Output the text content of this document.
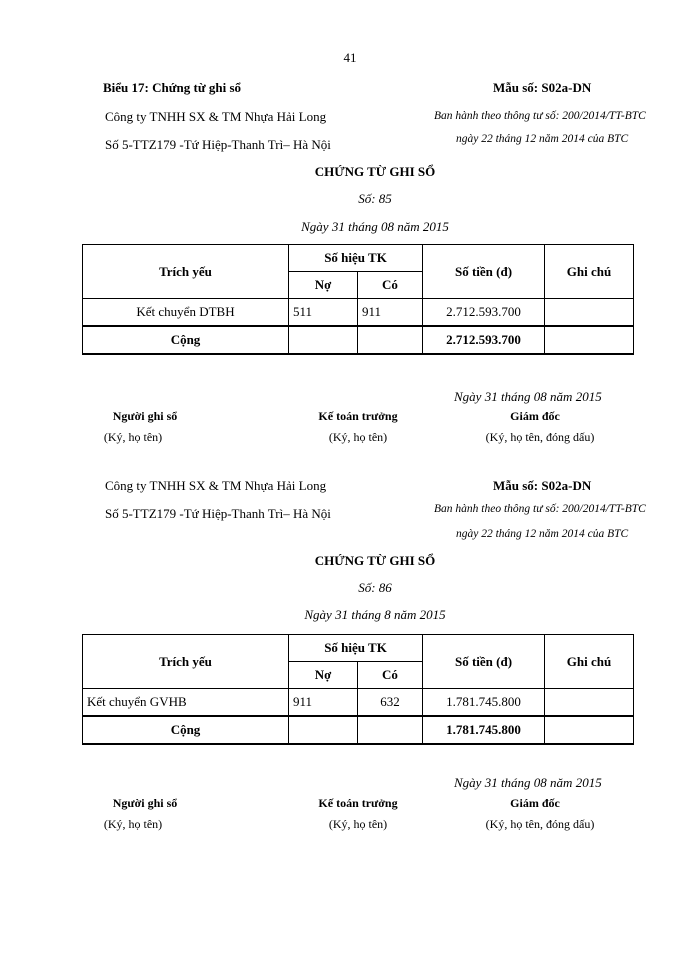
41
Biểu 17: Chứng từ ghi sổ	Mẫu số: S02a-DN
Công ty TNHH SX & TM Nhựa Hải Long	Ban hành theo thông tư số: 200/2014/TT-BTC
Số 5-TTZ179 -Tứ Hiệp-Thanh Trì– Hà Nội	ngày 22 tháng 12 năm 2014 của BTC
CHỨNG TỪ GHI SỔ
Số: 85
Ngày 31 tháng 08 năm 2015
Trích yếu	Số hiệu TK		Số tiền (đ)	Ghi chú
	Nợ	Có		
Kết chuyển DTBH	511	911	2.712.593.700	
Cộng			2.712.593.700	
Ngày 31 tháng 08 năm 2015
Người ghi sổ	Kế toán trưởng	Giám đốc
(Ký, họ tên)	(Ký, họ tên)	(Ký, họ tên, đóng dấu)
Công ty TNHH SX & TM Nhựa Hải Long	Mẫu số: S02a-DN
Số 5-TTZ179 -Tứ Hiệp-Thanh Trì– Hà Nội	Ban hành theo thông tư số: 200/2014/TT-BTC
ngày 22 tháng 12 năm 2014 của BTC
CHỨNG TỪ GHI SỔ
Số: 86
Ngày 31 tháng 8 năm 2015
Trích yếu	Số hiệu TK		Số tiền (đ)	Ghi chú
	Nợ	Có		
Kết chuyển GVHB	911	632	1.781.745.800	
Cộng			1.781.745.800	
Ngày 31 tháng 08 năm 2015
Người ghi sổ	Kế toán trưởng	Giám đốc
(Ký, họ tên)	(Ký, họ tên)	(Ký, họ tên, đóng dấu)
